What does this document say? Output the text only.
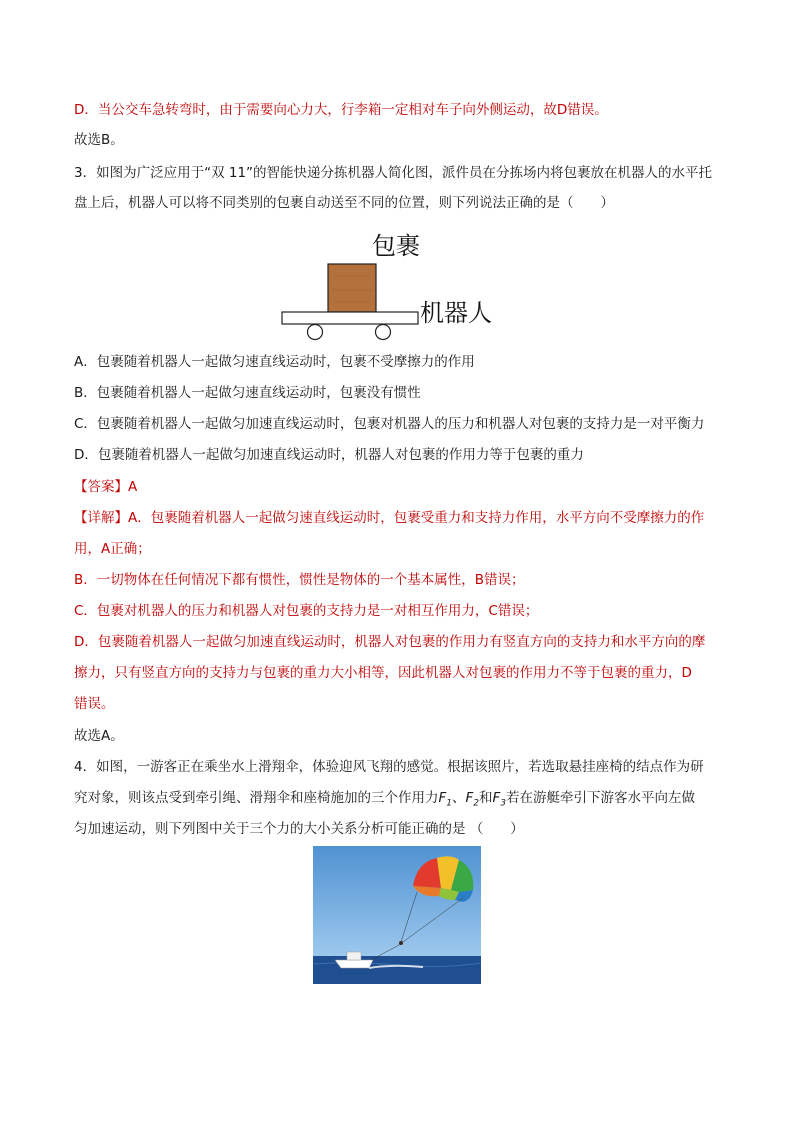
D．当公交车急转弯时，由于需要向心力大，行李箱一定相对车子向外侧运动，故D错误。
故选B。
3．如图为广泛应用于“双 11”的智能快递分拣机器人简化图，派件员在分拣场内将包裹放在机器人的水平托
盘上后，机器人可以将不同类别的包裹自动送至不同的位置，则下列说法正确的是（　　）
包裹
机器人
A．包裹随着机器人一起做匀速直线运动时，包裹不受摩擦力的作用
B．包裹随着机器人一起做匀速直线运动时，包裹没有惯性
C．包裹随着机器人一起做匀加速直线运动时，包裹对机器人的压力和机器人对包裹的支持力是一对平衡力
D．包裹随着机器人一起做匀加速直线运动时，机器人对包裹的作用力等于包裹的重力
【答案】A
【详解】A．包裹随着机器人一起做匀速直线运动时，包裹受重力和支持力作用，水平方向不受摩擦力的作
用，A正确；
B．一切物体在任何情况下都有惯性，惯性是物体的一个基本属性，B错误；
C．包裹对机器人的压力和机器人对包裹的支持力是一对相互作用力，C错误；
D．包裹随着机器人一起做匀加速直线运动时，机器人对包裹的作用力有竖直方向的支持力和水平方向的摩
擦力，只有竖直方向的支持力与包裹的重力大小相等，因此机器人对包裹的作用力不等于包裹的重力，D
错误。
故选A。
4．如图，一游客正在乘坐水上滑翔伞，体验迎风飞翔的感觉。根据该照片，若选取悬挂座椅的结点作为研
究对象，则该点受到牵引绳、滑翔伞和座椅施加的三个作用力$F_1$、$F_2$和$F_3$若在游艇牵引下游客水平向左做
匀加速运动，则下列图中关于三个力的大小关系分析可能正确的是 （　　）
